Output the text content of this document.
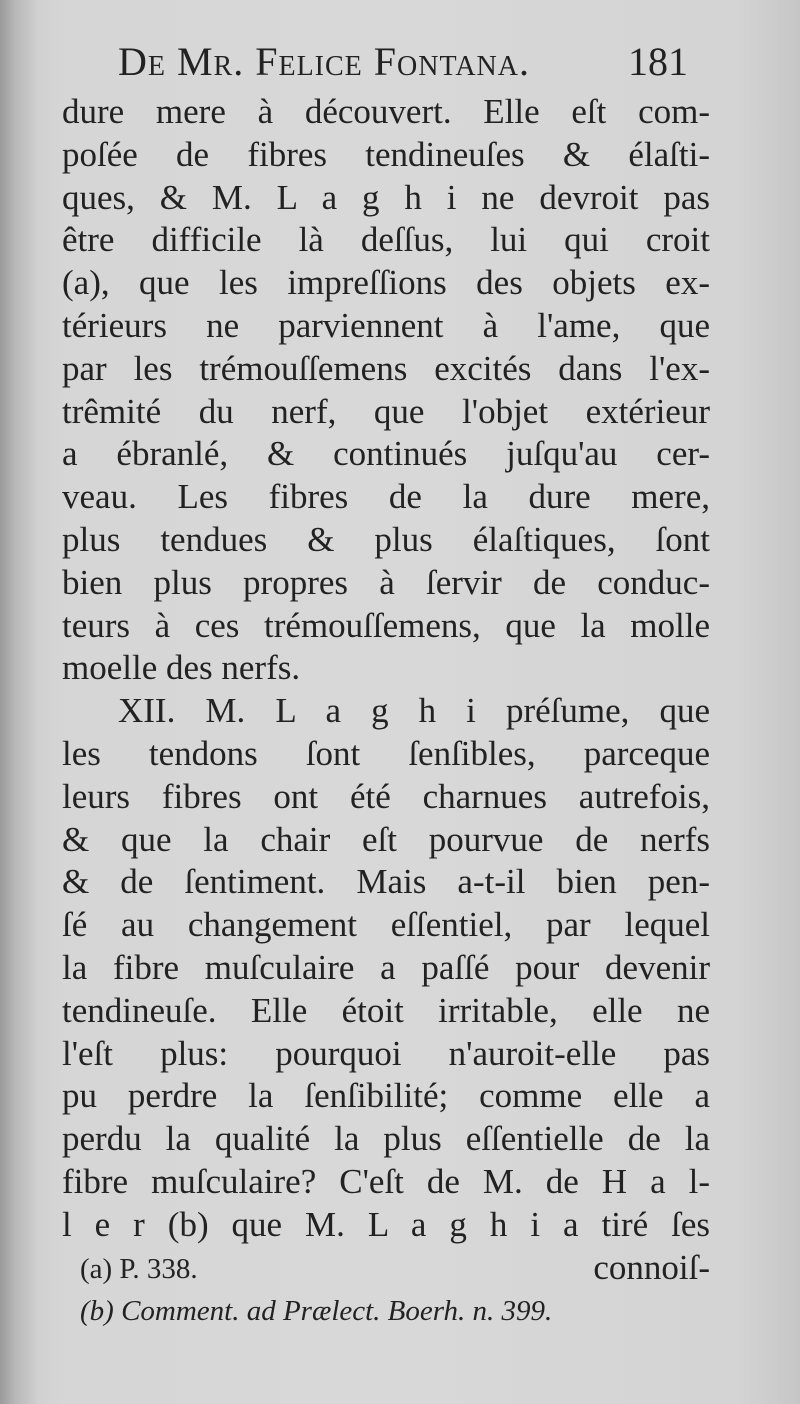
De Mr. Felice Fontana. 181
dure mere à découvert. Elle eſt com-
poſée de fibres tendineuſes & élaſti-
ques, & M. L a g h i ne devroit pas
être difficile là deſſus, lui qui croit
(a), que les impreſſions des objets ex-
térieurs ne parviennent à l'ame, que
par les trémouſſemens excités dans l'ex-
trêmité du nerf, que l'objet extérieur
a ébranlé, & continués juſqu'au cer-
veau. Les fibres de la dure mere,
plus tendues & plus élaſtiques, ſont
bien plus propres à ſervir de conduc-
teurs à ces trémouſſemens, que la molle
moelle des nerfs.
XII. M. L a g h i préſume, que
les tendons ſont ſenſibles, parceque
leurs fibres ont été charnues autrefois,
& que la chair eſt pourvue de nerfs
& de ſentiment. Mais a-t-il bien pen-
ſé au changement eſſentiel, par lequel
la fibre muſculaire a paſſé pour devenir
tendineuſe. Elle étoit irritable, elle ne
l'eſt plus: pourquoi n'auroit-elle pas
pu perdre la ſenſibilité; comme elle a
perdu la qualité la plus eſſentielle de la
fibre muſculaire? C'eſt de M. de H a l-
l e r (b) que M. L a g h i a tiré ſes
connoiſ-
(a) P. 338.
(b) Comment. ad Prælect. Boerh. n. 399.
